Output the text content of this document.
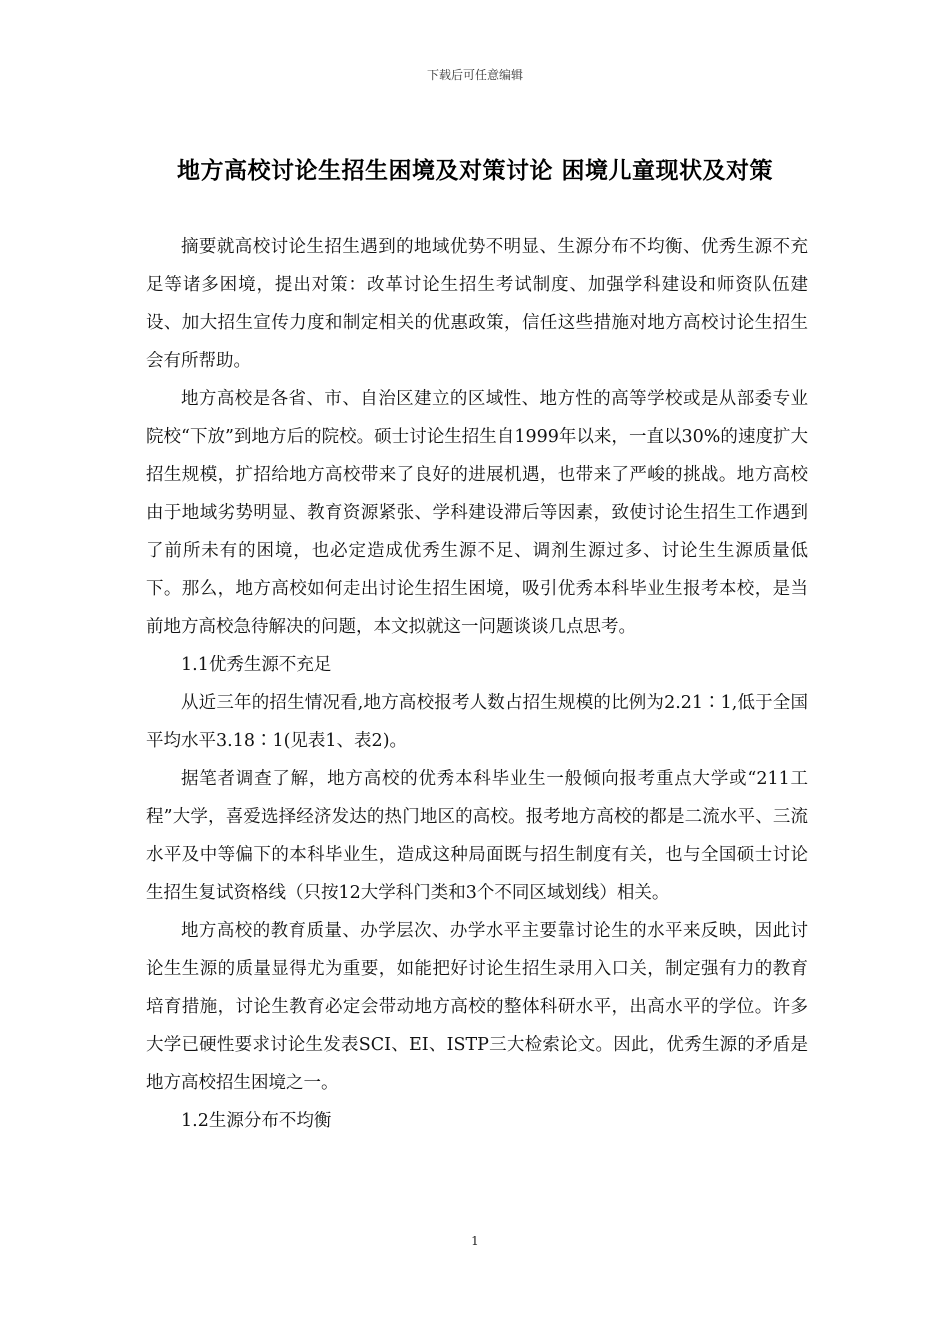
下载后可任意编辑
地方高校讨论生招生困境及对策讨论 困境儿童现状及对策

摘要就高校讨论生招生遇到的地域优势不明显、生源分布不均衡、优秀生源不充足等诸多困境，提出对策：改革讨论生招生考试制度、加强学科建设和师资队伍建设、加大招生宣传力度和制定相关的优惠政策，信任这些措施对地方高校讨论生招生会有所帮助。

地方高校是各省、市、自治区建立的区域性、地方性的高等学校或是从部委专业院校“下放”到地方后的院校。硕士讨论生招生自1999年以来，一直以30%的速度扩大招生规模，扩招给地方高校带来了良好的进展机遇，也带来了严峻的挑战。地方高校由于地域劣势明显、教育资源紧张、学科建设滞后等因素，致使讨论生招生工作遇到了前所未有的困境，也必定造成优秀生源不足、调剂生源过多、讨论生生源质量低下。那么，地方高校如何走出讨论生招生困境，吸引优秀本科毕业生报考本校，是当前地方高校急待解决的问题，本文拟就这一问题谈谈几点思考。

1.1优秀生源不充足

从近三年的招生情况看,地方高校报考人数占招生规模的比例为2.21∶1,低于全国平均水平3.18∶1(见表1、表2)。

据笔者调查了解，地方高校的优秀本科毕业生一般倾向报考重点大学或“211工程”大学，喜爱选择经济发达的热门地区的高校。报考地方高校的都是二流水平、三流水平及中等偏下的本科毕业生，造成这种局面既与招生制度有关，也与全国硕士讨论生招生复试资格线（只按12大学科门类和3个不同区域划线）相关。

地方高校的教育质量、办学层次、办学水平主要靠讨论生的水平来反映，因此讨论生生源的质量显得尤为重要，如能把好讨论生招生录用入口关，制定强有力的教育培育措施，讨论生教育必定会带动地方高校的整体科研水平，出高水平的学位。许多大学已硬性要求讨论生发表SCI、EI、ISTP三大检索论文。因此，优秀生源的矛盾是地方高校招生困境之一。

1.2生源分布不均衡

1
